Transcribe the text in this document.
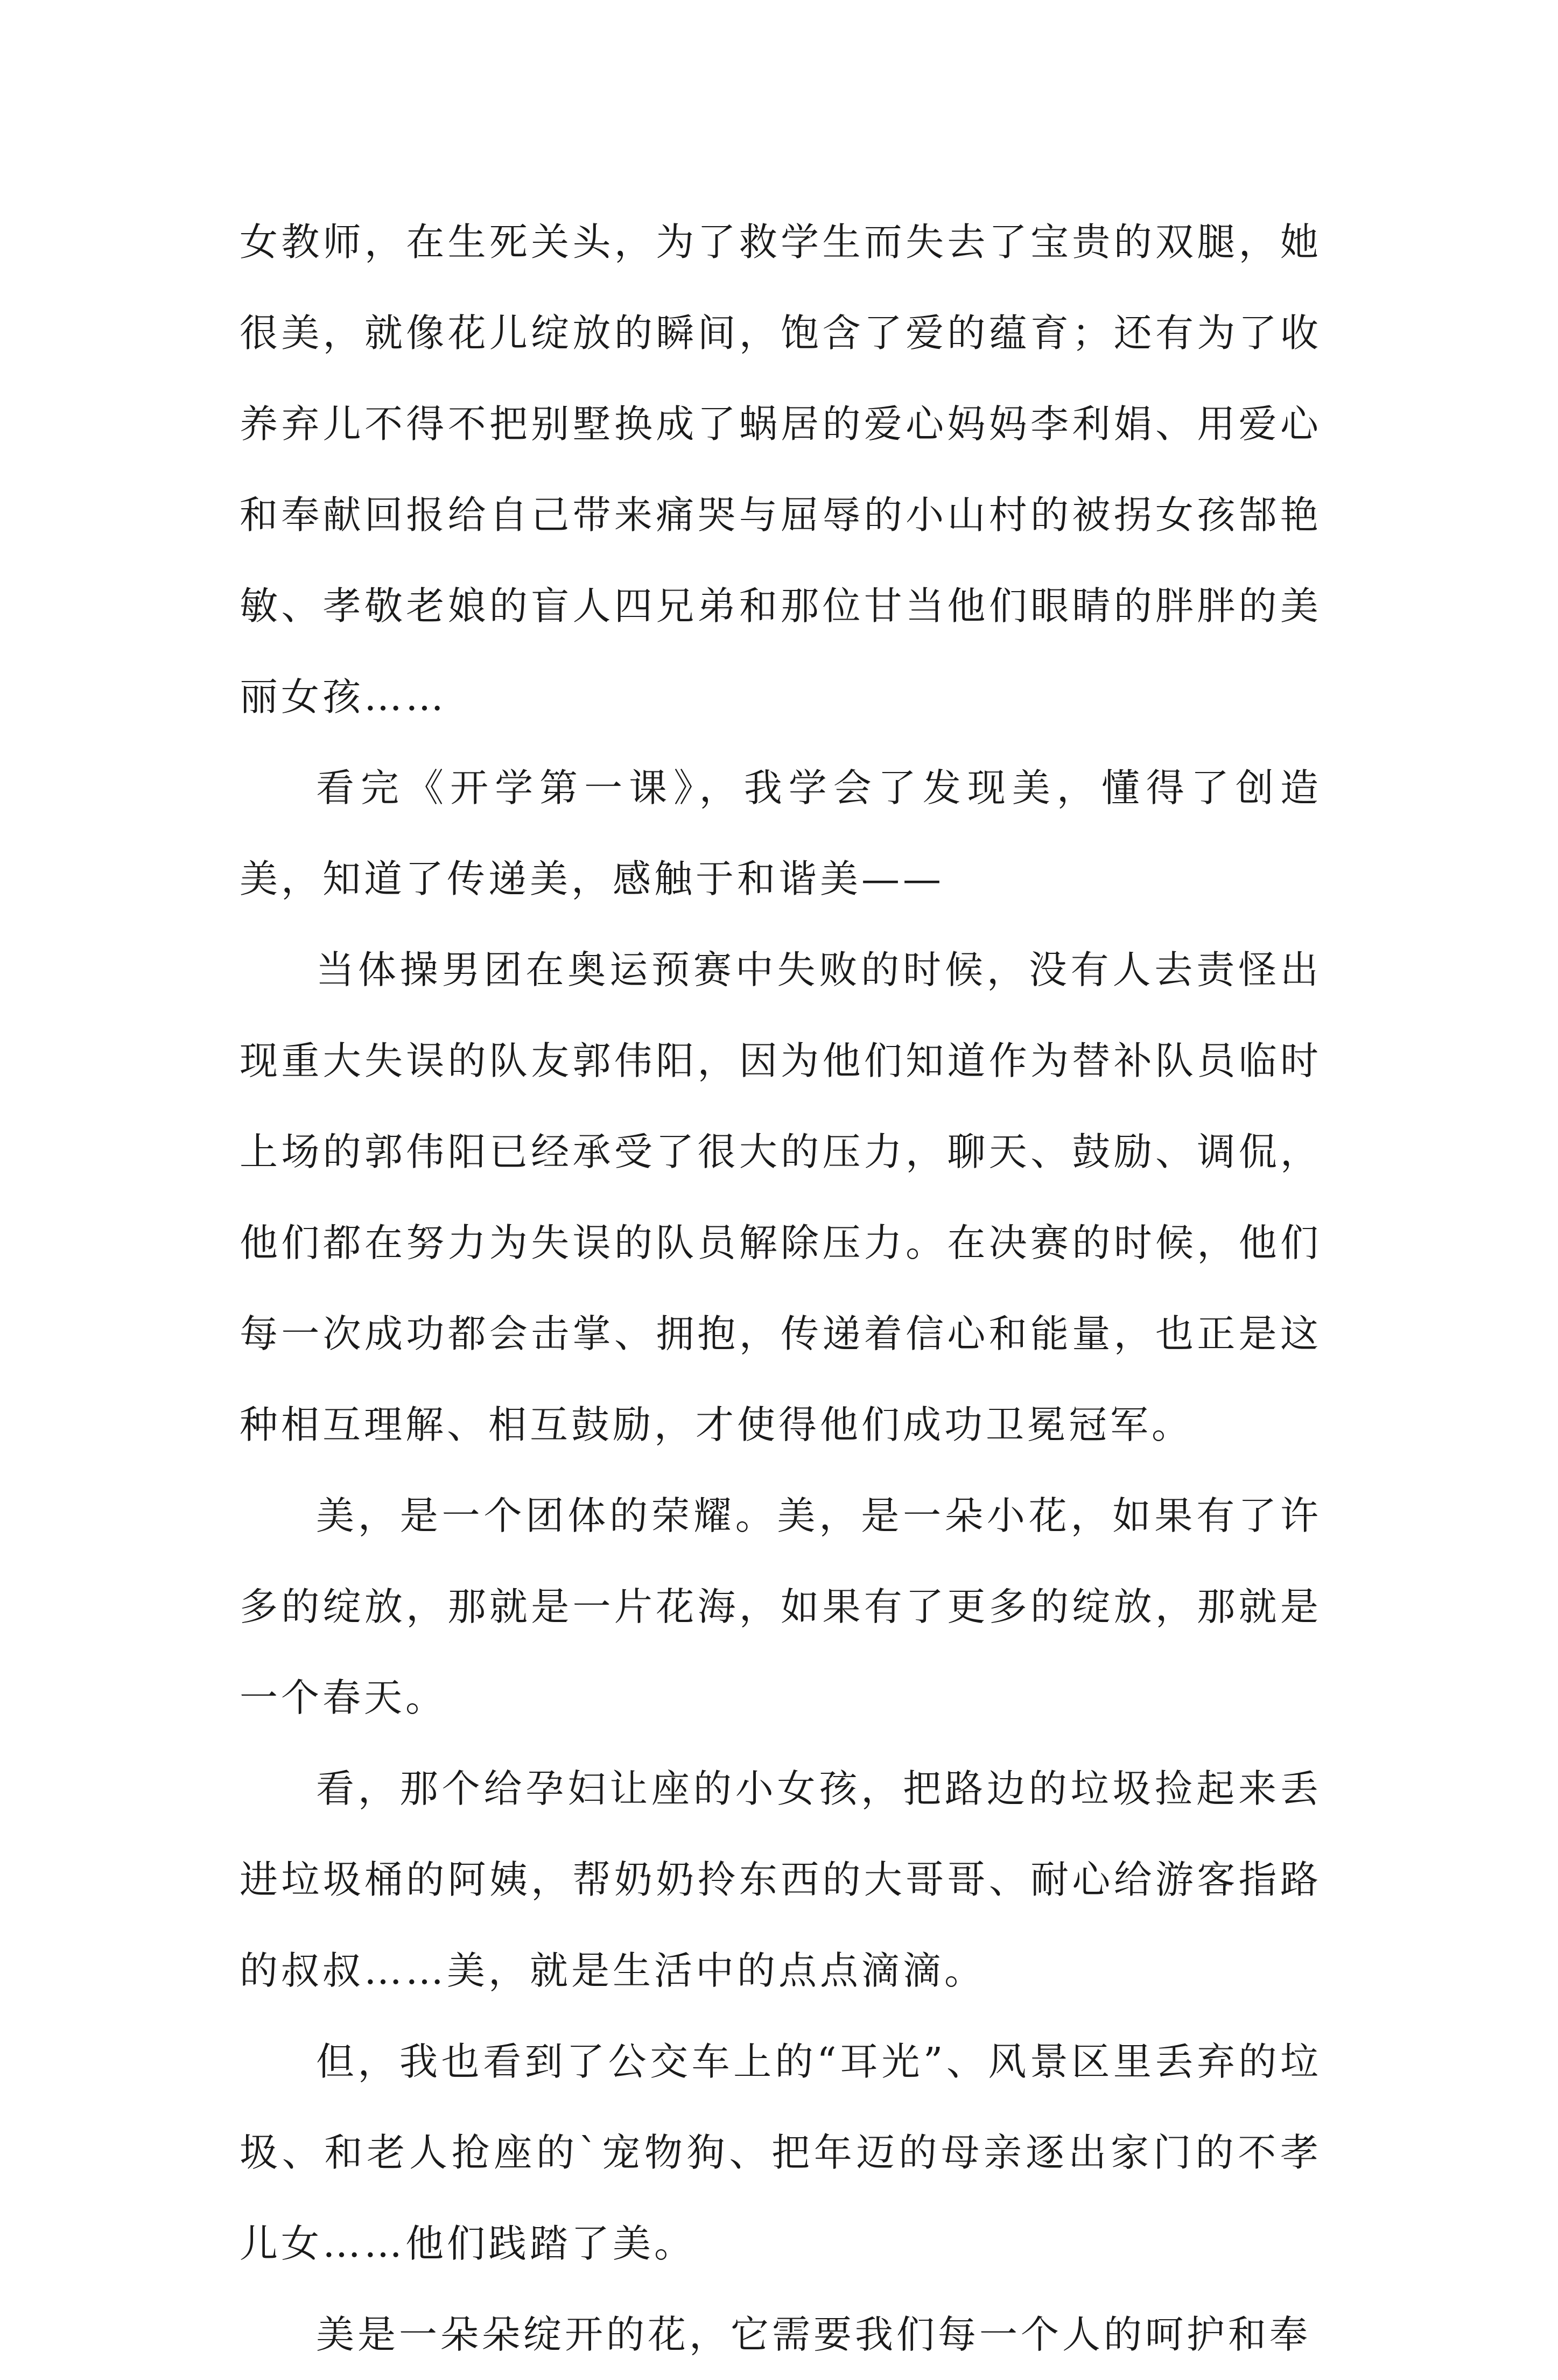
女教师，在生死关头，为了救学生而失去了宝贵的双腿，她很美，就像花儿绽放的瞬间，饱含了爱的蕴育；还有为了收养弃儿不得不把别墅换成了蜗居的爱心妈妈李利娟、用爱心和奉献回报给自己带来痛哭与屈辱的小山村的被拐女孩郜艳敏、孝敬老娘的盲人四兄弟和那位甘当他们眼睛的胖胖的美丽女孩……

看完《开学第一课》，我学会了发现美，懂得了创造美，知道了传递美，感触于和谐美——

当体操男团在奥运预赛中失败的时候，没有人去责怪出现重大失误的队友郭伟阳，因为他们知道作为替补队员临时上场的郭伟阳已经承受了很大的压力，聊天、鼓励、调侃，他们都在努力为失误的队员解除压力。在决赛的时候，他们每一次成功都会击掌、拥抱，传递着信心和能量，也正是这种相互理解、相互鼓励，才使得他们成功卫冕冠军。

美，是一个团体的荣耀。美，是一朵小花，如果有了许多的绽放，那就是一片花海，如果有了更多的绽放，那就是一个春天。

看，那个给孕妇让座的小女孩，把路边的垃圾捡起来丢进垃圾桶的阿姨，帮奶奶拎东西的大哥哥、耐心给游客指路的叔叔……美，就是生活中的点点滴滴。

但，我也看到了公交车上的“耳光”、风景区里丢弃的垃圾、和老人抢座的`宠物狗、把年迈的母亲逐出家门的不孝儿女……他们践踏了美。

美是一朵朵绽开的花，它需要我们每一个人的呵护和奉
